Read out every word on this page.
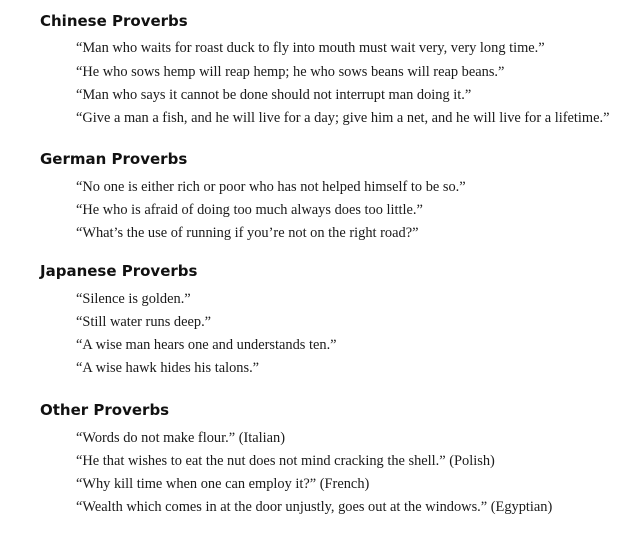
Chinese Proverbs

“Man who waits for roast duck to fly into mouth must wait very, very long time.”

“He who sows hemp will reap hemp; he who sows beans will reap beans.”

“Man who says it cannot be done should not interrupt man doing it.”

“Give a man a fish, and he will live for a day; give him a net, and he will live for a lifetime.”

German Proverbs

“No one is either rich or poor who has not helped himself to be so.”

“He who is afraid of doing too much always does too little.”

“What’s the use of running if you’re not on the right road?”

Japanese Proverbs

“Silence is golden.”

“Still water runs deep.”

“A wise man hears one and understands ten.”

“A wise hawk hides his talons.”

Other Proverbs

“Words do not make flour.” (Italian)

“He that wishes to eat the nut does not mind cracking the shell.” (Polish)

“Why kill time when one can employ it?” (French)

“Wealth which comes in at the door unjustly, goes out at the windows.” (Egyptian)
